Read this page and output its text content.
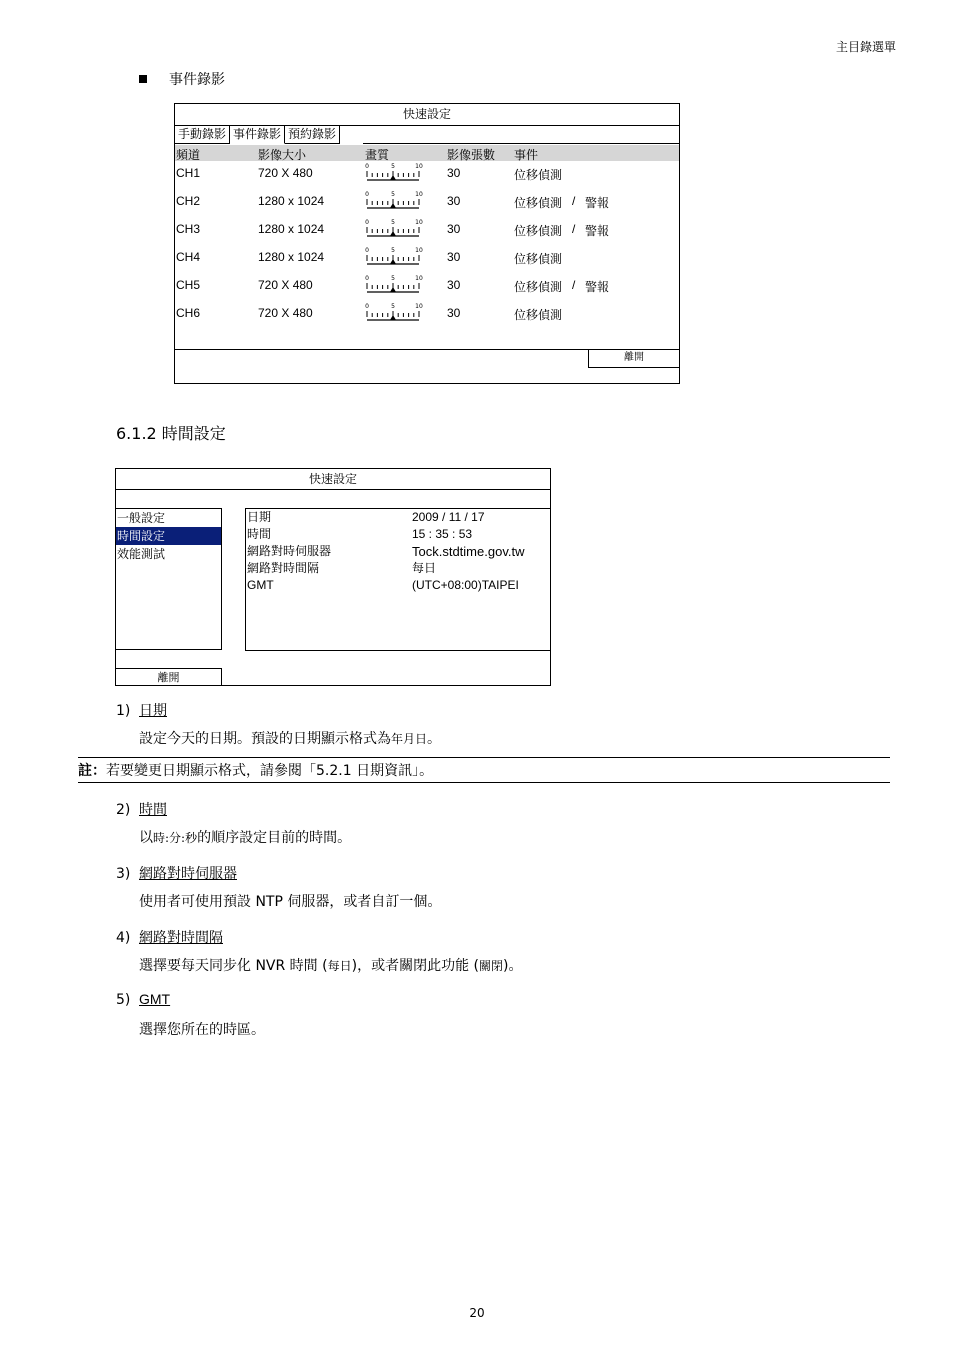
主目錄選單
事件錄影
快速設定
手動錄影 事件錄影 預約錄影
頻道	影像大小	畫質	影像張數 事件
CH1	720 X 480	30	位移偵測
0	5	10
CH2	1280 x 1024	30	位移偵測 / 警報
0	5	10
CH3	1280 x 1024	30	位移偵測 / 警報
0	5	10
CH4	1280 x 1024	30	位移偵測
0	5	10
CH5	720 X 480	30	位移偵測 / 警報
0	5	10
CH6	720 X 480	30	位移偵測
0	5	10
離開
6.1.2 時間設定
快速設定
一般設定
時間設定
效能測試
日期	2009 / 11 / 17
時間	15 : 35 : 53
網路對時伺服器	Tock.stdtime.gov.tw
網路對時間隔	每日
GMT	(UTC+08:00)TAIPEI
離開
1) 日期
設定今天的日期。預設的日期顯示格式為年月日。
註：若要變更日期顯示格式，請參閱「5.2.1 日期資訊」。
2) 時間
以時:分:秒的順序設定目前的時間。
3) 網路對時伺服器
使用者可使用預設 NTP 伺服器，或者自訂一個。
4) 網路對時間隔
選擇要每天同步化 NVR 時間 (每日)，或者關閉此功能 (關閉)。
5) GMT
選擇您所在的時區。
20
